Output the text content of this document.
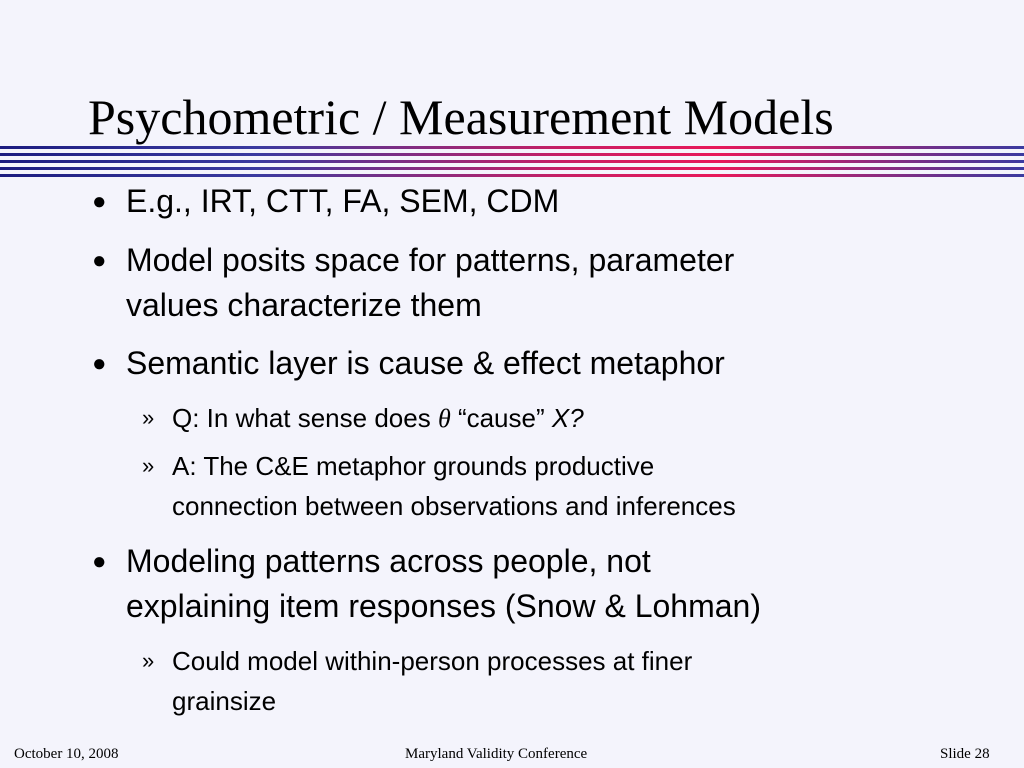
Psychometric / Measurement Models
● E.g., IRT, CTT, FA, SEM, CDM
● Model posits space for patterns, parameter
values characterize them
● Semantic layer is cause & effect metaphor
» Q: In what sense does θ “cause” X?
» A: The C&E metaphor grounds productive
connection between observations and inferences
● Modeling patterns across people, not
explaining item responses (Snow & Lohman)
» Could model within-person processes at finer
grainsize
October 10, 2008	Maryland Validity Conference	Slide 28
